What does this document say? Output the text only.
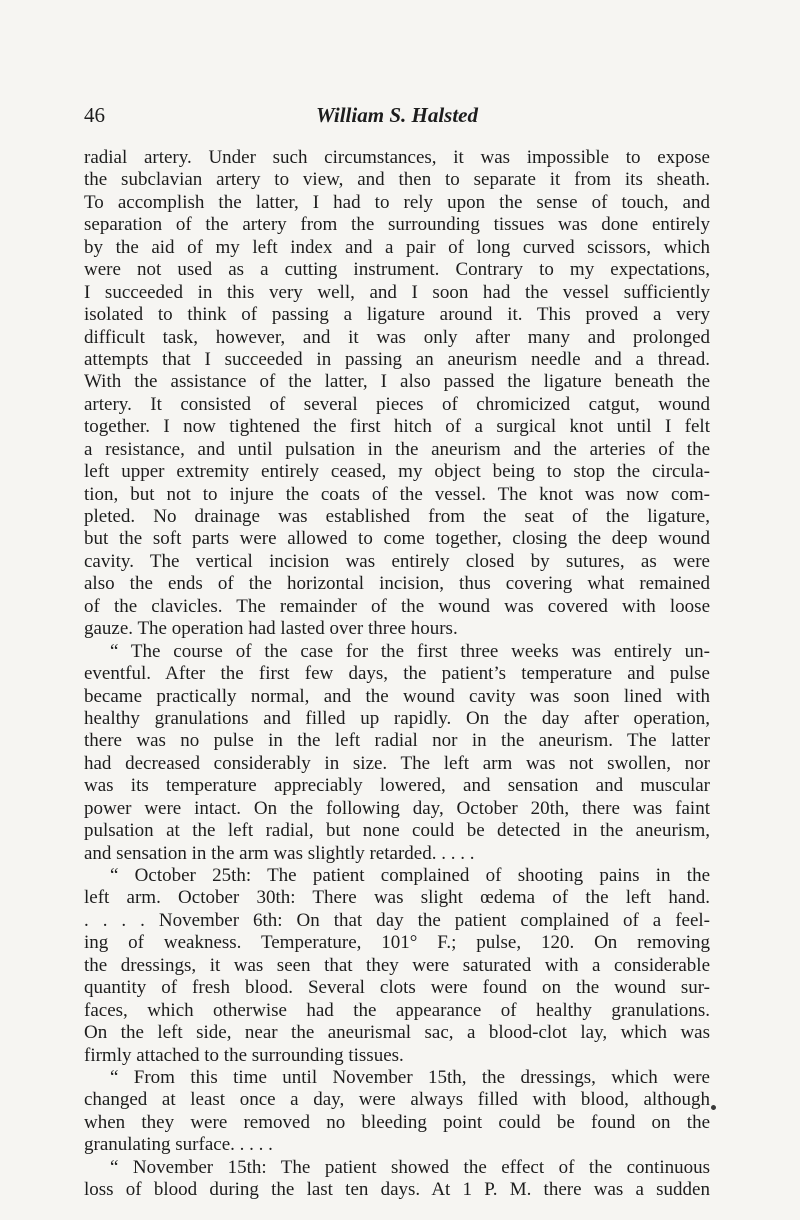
46	William S. Halsted
radial artery. Under such circumstances, it was impossible to expose
the subclavian artery to view, and then to separate it from its sheath.
To accomplish the latter, I had to rely upon the sense of touch, and
separation of the artery from the surrounding tissues was done entirely
by the aid of my left index and a pair of long curved scissors, which
were not used as a cutting instrument. Contrary to my expectations,
I succeeded in this very well, and I soon had the vessel sufficiently
isolated to think of passing a ligature around it. This proved a very
difficult task, however, and it was only after many and prolonged
attempts that I succeeded in passing an aneurism needle and a thread.
With the assistance of the latter, I also passed the ligature beneath the
artery. It consisted of several pieces of chromicized catgut, wound
together. I now tightened the first hitch of a surgical knot until I felt
a resistance, and until pulsation in the aneurism and the arteries of the
left upper extremity entirely ceased, my object being to stop the circula-
tion, but not to injure the coats of the vessel. The knot was now com-
pleted. No drainage was established from the seat of the ligature,
but the soft parts were allowed to come together, closing the deep wound
cavity. The vertical incision was entirely closed by sutures, as were
also the ends of the horizontal incision, thus covering what remained
of the clavicles. The remainder of the wound was covered with loose
gauze. The operation had lasted over three hours.
“ The course of the case for the first three weeks was entirely un-
eventful. After the first few days, the patient’s temperature and pulse
became practically normal, and the wound cavity was soon lined with
healthy granulations and filled up rapidly. On the day after operation,
there was no pulse in the left radial nor in the aneurism. The latter
had decreased considerably in size. The left arm was not swollen, nor
was its temperature appreciably lowered, and sensation and muscular
power were intact. On the following day, October 20th, there was faint
pulsation at the left radial, but none could be detected in the aneurism,
and sensation in the arm was slightly retarded. . . . .
“ October 25th: The patient complained of shooting pains in the
left arm. October 30th: There was slight œdema of the left hand.
. . . . November 6th: On that day the patient complained of a feel-
ing of weakness. Temperature, 101° F.; pulse, 120. On removing
the dressings, it was seen that they were saturated with a considerable
quantity of fresh blood. Several clots were found on the wound sur-
faces, which otherwise had the appearance of healthy granulations.
On the left side, near the aneurismal sac, a blood-clot lay, which was
firmly attached to the surrounding tissues.
“ From this time until November 15th, the dressings, which were
changed at least once a day, were always filled with blood, although
when they were removed no bleeding point could be found on the
granulating surface. . . . .
“ November 15th: The patient showed the effect of the continuous
loss of blood during the last ten days. At 1 P. M. there was a sudden
